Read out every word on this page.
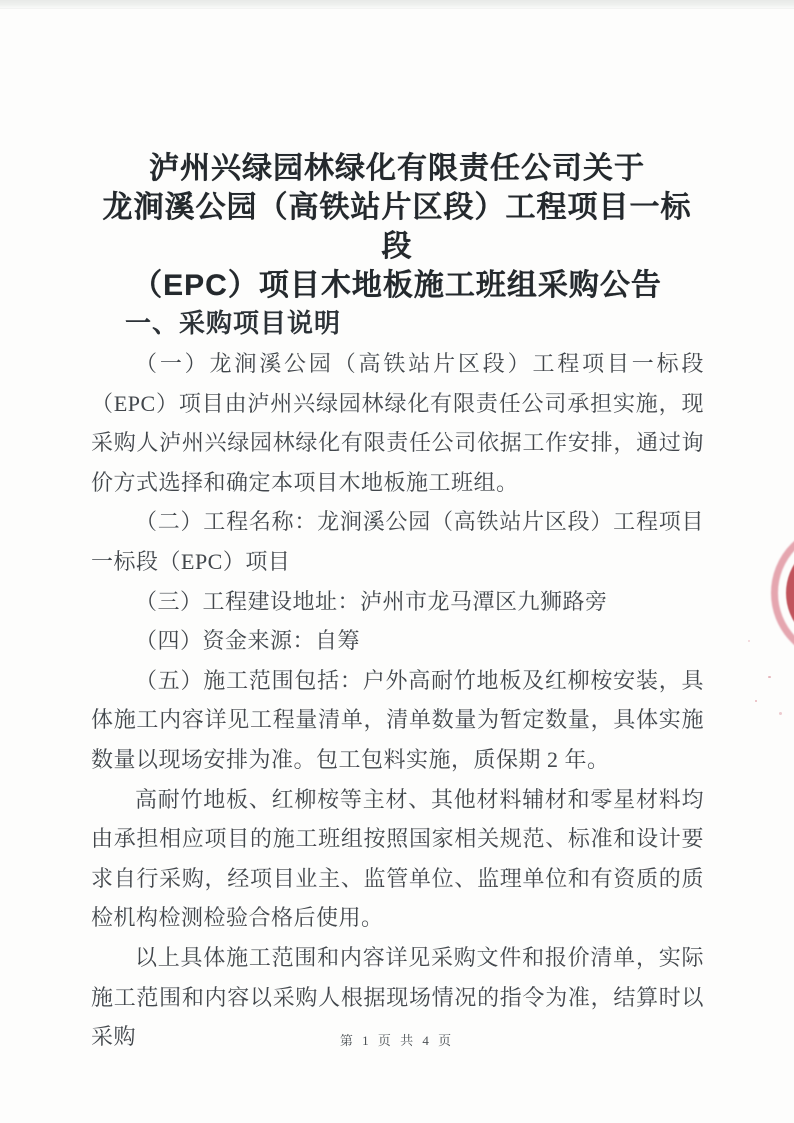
泸州兴绿园林绿化有限责任公司关于
龙涧溪公园（高铁站片区段）工程项目一标段
（EPC）项目木地板施工班组采购公告
一、采购项目说明

（一）龙涧溪公园（高铁站片区段）工程项目一标段（EPC）项目由泸州兴绿园林绿化有限责任公司承担实施，现采购人泸州兴绿园林绿化有限责任公司依据工作安排，通过询价方式选择和确定本项目木地板施工班组。

（二）工程名称：龙涧溪公园（高铁站片区段）工程项目一标段（EPC）项目

（三）工程建设地址：泸州市龙马潭区九狮路旁

（四）资金来源：自筹

（五）施工范围包括：户外高耐竹地板及红柳桉安装，具体施工内容详见工程量清单，清单数量为暂定数量，具体实施数量以现场安排为准。包工包料实施，质保期 2 年。

高耐竹地板、红柳桉等主材、其他材料辅材和零星材料均由承担相应项目的施工班组按照国家相关规范、标准和设计要求自行采购，经项目业主、监管单位、监理单位和有资质的质检机构检测检验合格后使用。

以上具体施工范围和内容详见采购文件和报价清单，实际施工范围和内容以采购人根据现场情况的指令为准，结算时以采购	第 1 页 共 4 页
